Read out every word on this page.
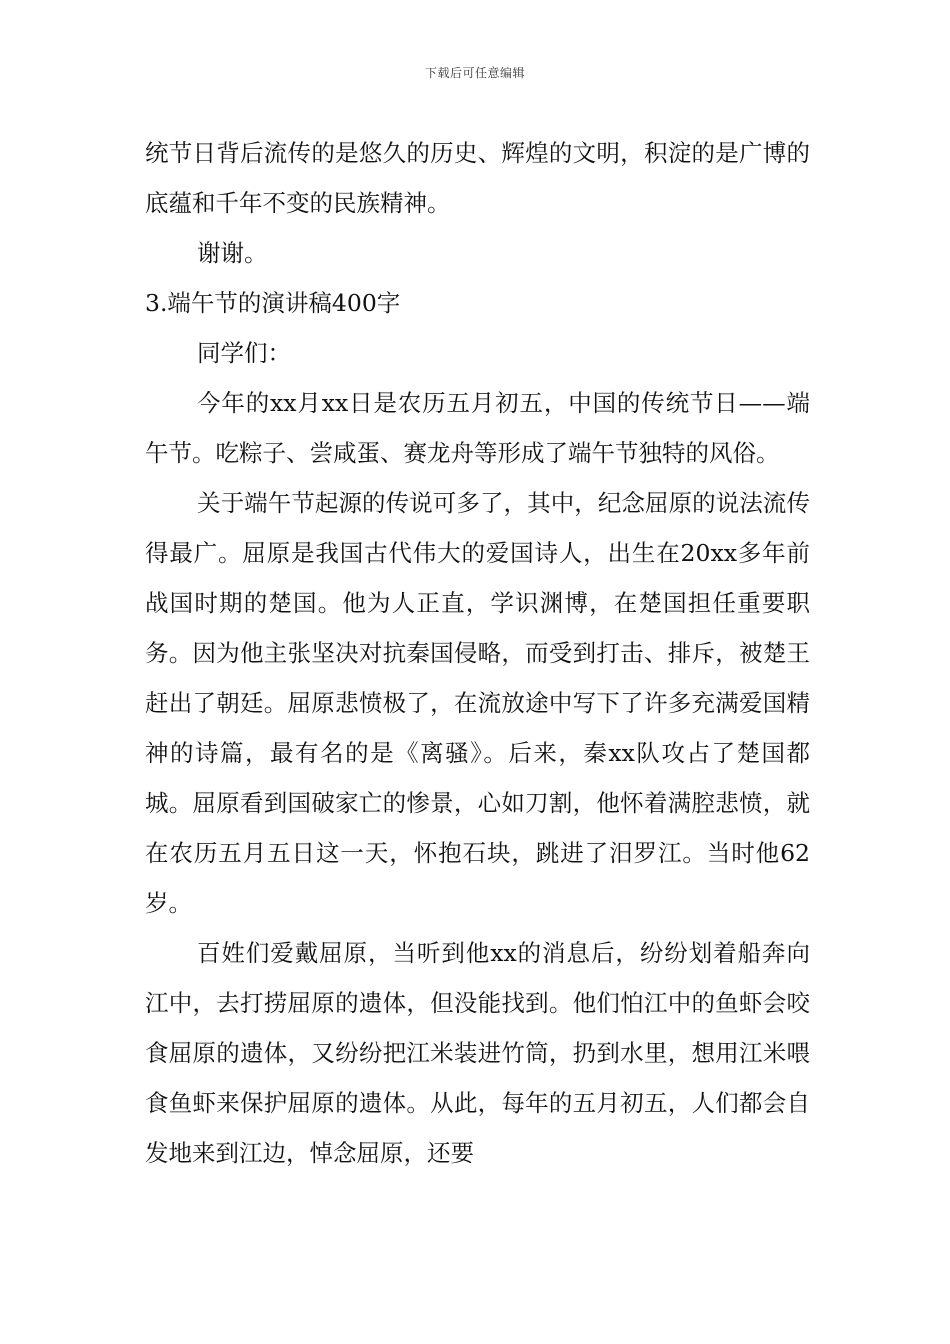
下载后可任意编辑

统节日背后流传的是悠久的历史、辉煌的文明，积淀的是广博的底蕴和千年不变的民族精神。

谢谢。

3.端午节的演讲稿400字

同学们：

今年的xx月xx日是农历五月初五，中国的传统节日——端午节。吃粽子、尝咸蛋、赛龙舟等形成了端午节独特的风俗。

关于端午节起源的传说可多了，其中，纪念屈原的说法流传得最广。屈原是我国古代伟大的爱国诗人，出生在20xx多年前战国时期的楚国。他为人正直，学识渊博，在楚国担任重要职务。因为他主张坚决对抗秦国侵略，而受到打击、排斥，被楚王赶出了朝廷。屈原悲愤极了，在流放途中写下了许多充满爱国精神的诗篇，最有名的是《离骚》。后来，秦xx队攻占了楚国都城。屈原看到国破家亡的惨景，心如刀割，他怀着满腔悲愤，就在农历五月五日这一天，怀抱石块，跳进了汨罗江。当时他62岁。

百姓们爱戴屈原，当听到他xx的消息后，纷纷划着船奔向江中，去打捞屈原的遗体，但没能找到。他们怕江中的鱼虾会咬食屈原的遗体，又纷纷把江米装进竹筒，扔到水里，想用江米喂食鱼虾来保护屈原的遗体。从此，每年的五月初五，人们都会自发地来到江边，悼念屈原，还要
